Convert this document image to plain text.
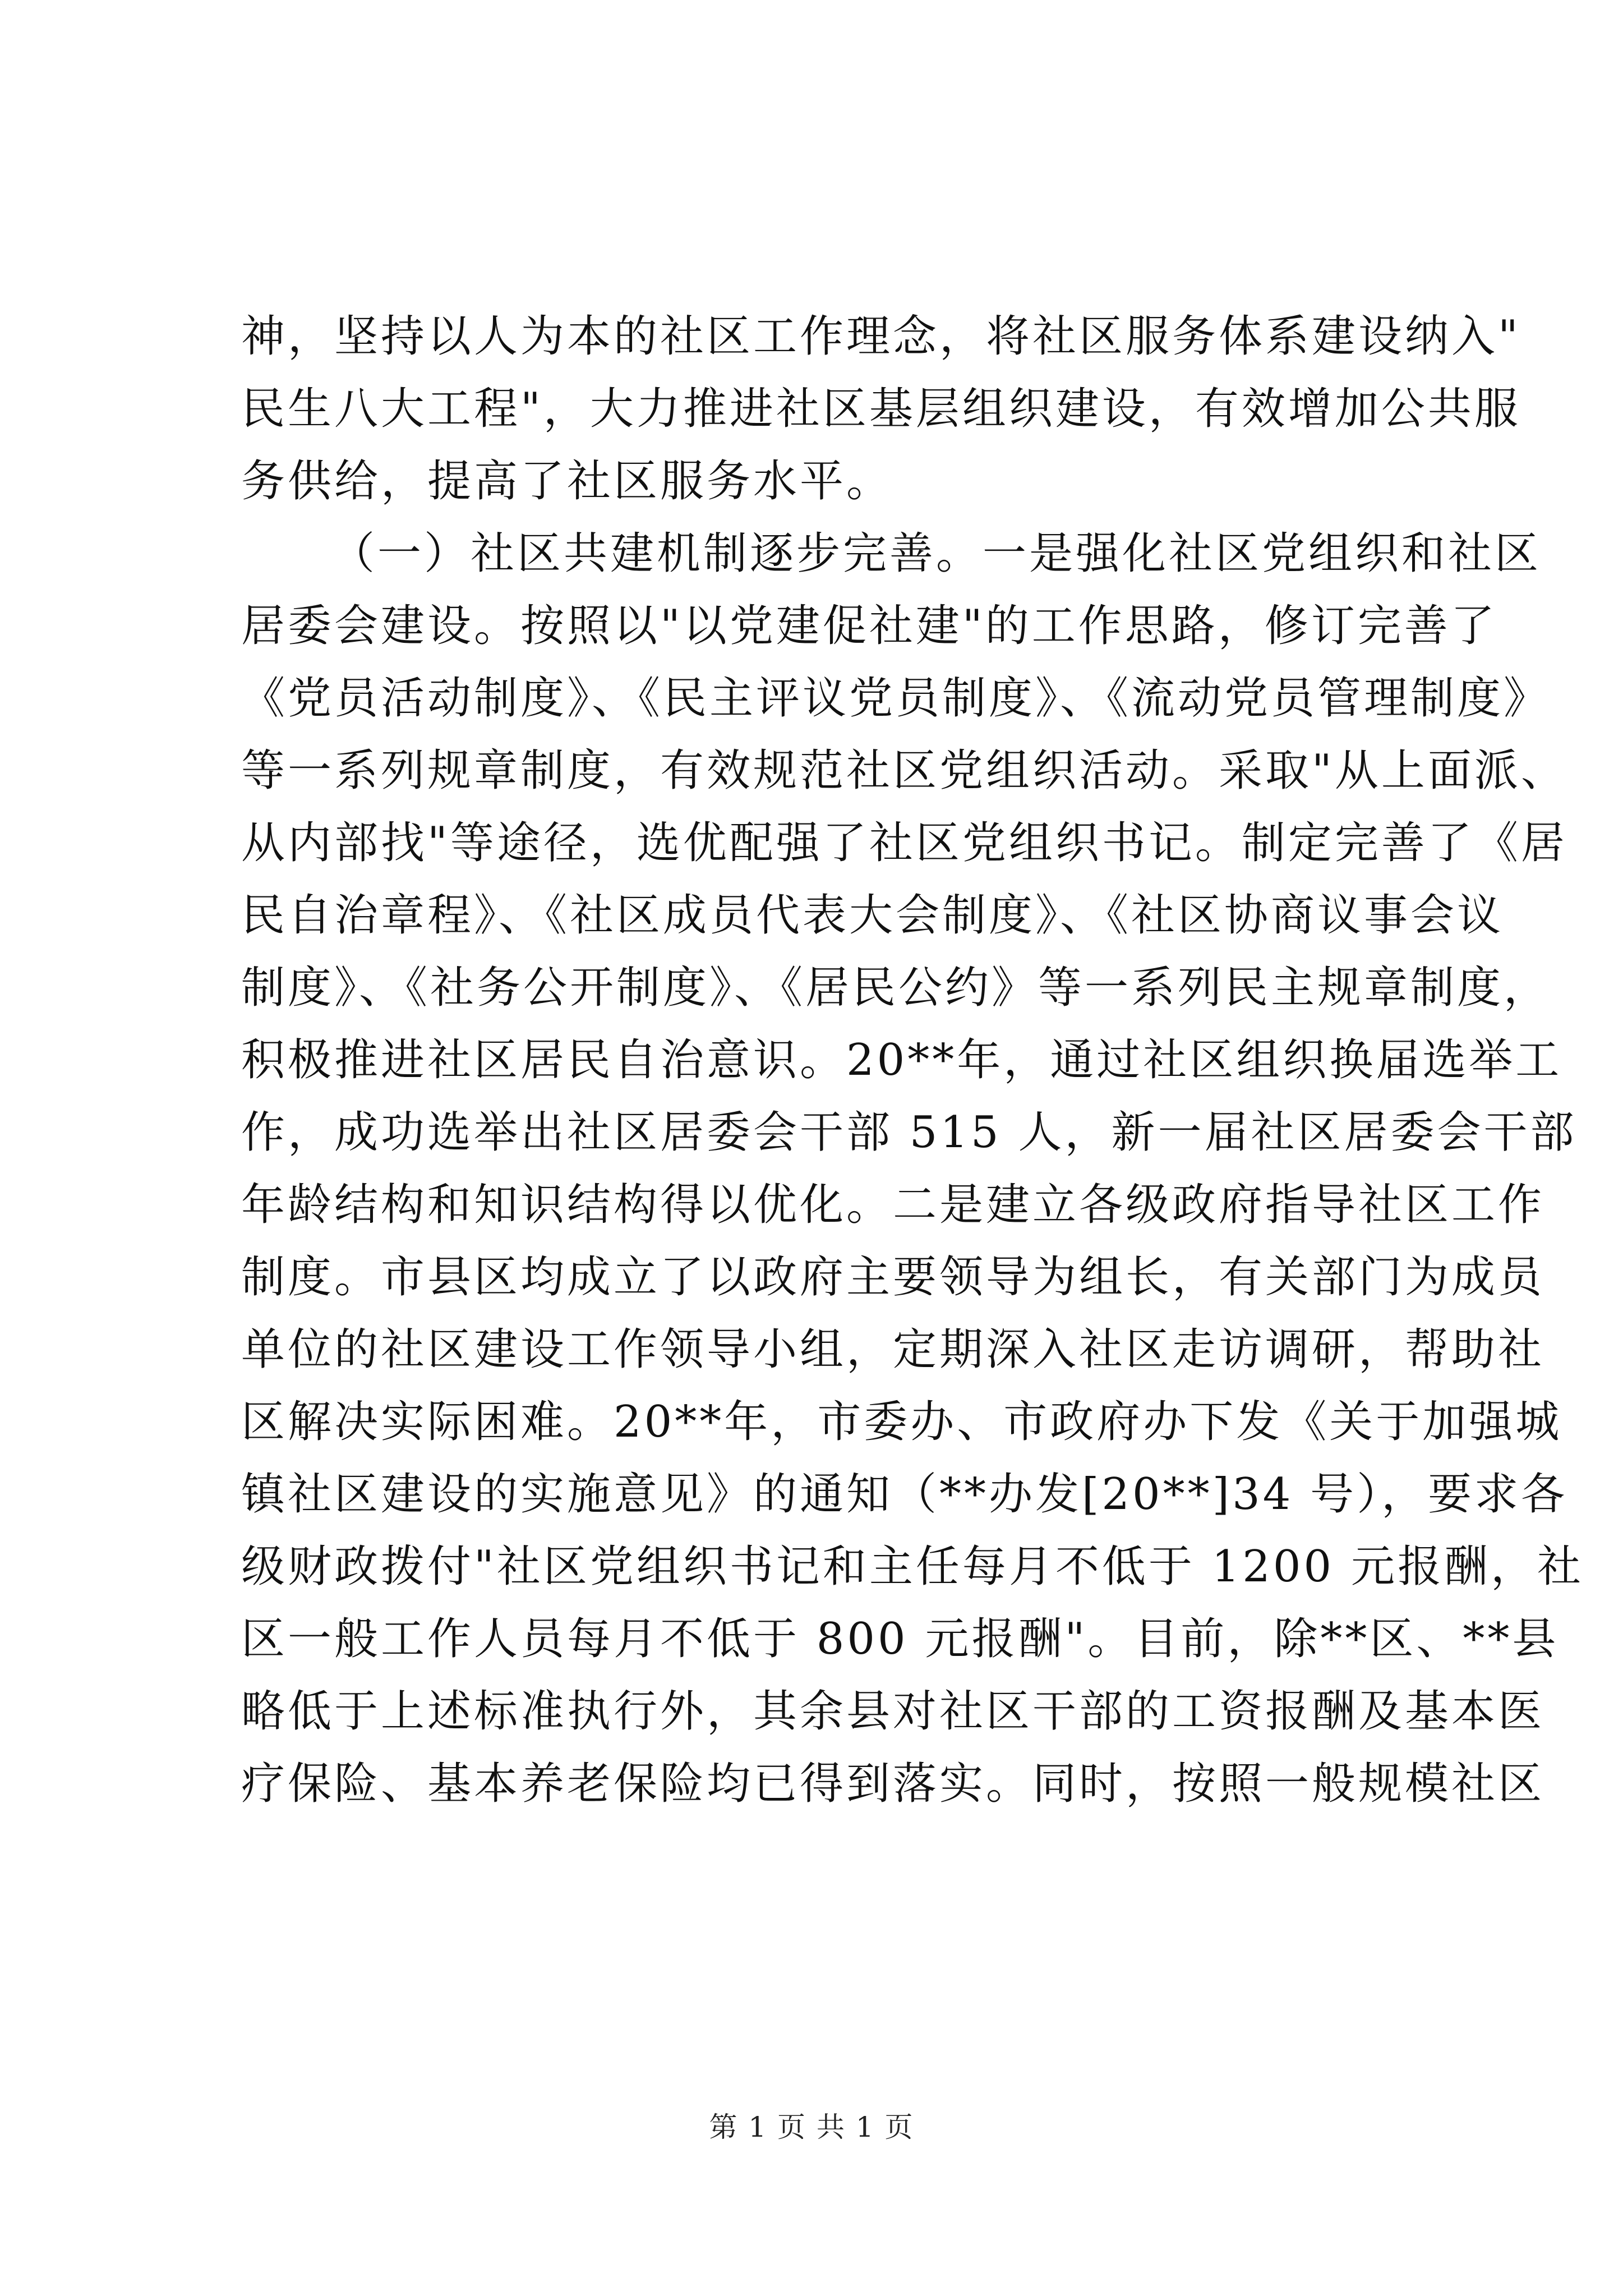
神，坚持以人为本的社区工作理念，将社区服务体系建设纳入"
民生八大工程"，大力推进社区基层组织建设，有效增加公共服
务供给，提高了社区服务水平。
（一）社区共建机制逐步完善。一是强化社区党组织和社区
居委会建设。按照以"以党建促社建"的工作思路，修订完善了
《党员活动制度》、《民主评议党员制度》、《流动党员管理制度》
等一系列规章制度，有效规范社区党组织活动。采取"从上面派、
从内部找"等途径，选优配强了社区党组织书记。制定完善了《居
民自治章程》、《社区成员代表大会制度》、《社区协商议事会议
制度》、《社务公开制度》、《居民公约》等一系列民主规章制度，
积极推进社区居民自治意识。20**年，通过社区组织换届选举工
作，成功选举出社区居委会干部 515 人，新一届社区居委会干部
年龄结构和知识结构得以优化。二是建立各级政府指导社区工作
制度。市县区均成立了以政府主要领导为组长，有关部门为成员
单位的社区建设工作领导小组，定期深入社区走访调研，帮助社
区解决实际困难。20**年，市委办、市政府办下发《关于加强城
镇社区建设的实施意见》的通知（**办发[20**]34 号），要求各
级财政拨付"社区党组织书记和主任每月不低于 1200 元报酬，社
区一般工作人员每月不低于 800 元报酬"。目前，除**区、**县
略低于上述标准执行外，其余县对社区干部的工资报酬及基本医
疗保险、基本养老保险均已得到落实。同时，按照一般规模社区
第 1 页 共 1 页
